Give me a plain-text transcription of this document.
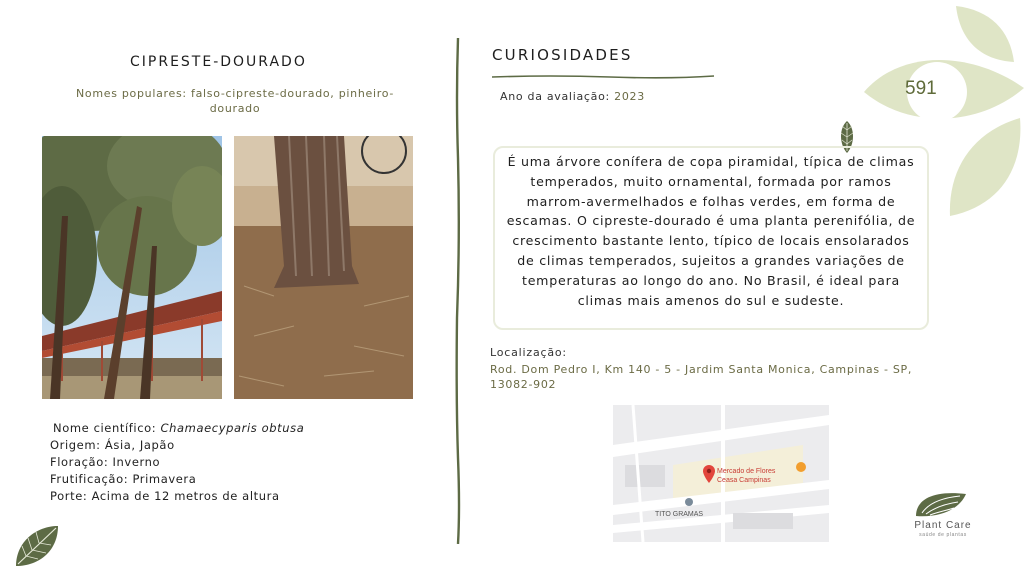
CIPRESTE-DOURADO
Nomes populares: falso-cipreste-dourado, pinheiro-dourado
Nome científico: Chamaecyparis obtusa
Origem: Ásia, Japão
Floração: Inverno
Frutificação: Primavera
Porte: Acima de 12 metros de altura
CURIOSIDADES
Ano da avaliação: 2023
É uma árvore conífera de copa piramidal, típica de climas temperados, muito ornamental, formada por ramos marrom-avermelhados e folhas verdes, em forma de escamas. O cipreste-dourado é uma planta perenifólia, de crescimento bastante lento, típico de locais ensolarados de climas temperados, sujeitos a grandes variações de temperaturas ao longo do ano. No Brasil, é ideal para climas mais amenos do sul e sudeste.
Localização:
Rod. Dom Pedro I, Km 140 - 5 - Jardim Santa Monica, Campinas - SP, 13082-902
Mercado de Flores
Ceasa Campinas
TITO GRAMAS
591
Plant Care
saúde de plantas
